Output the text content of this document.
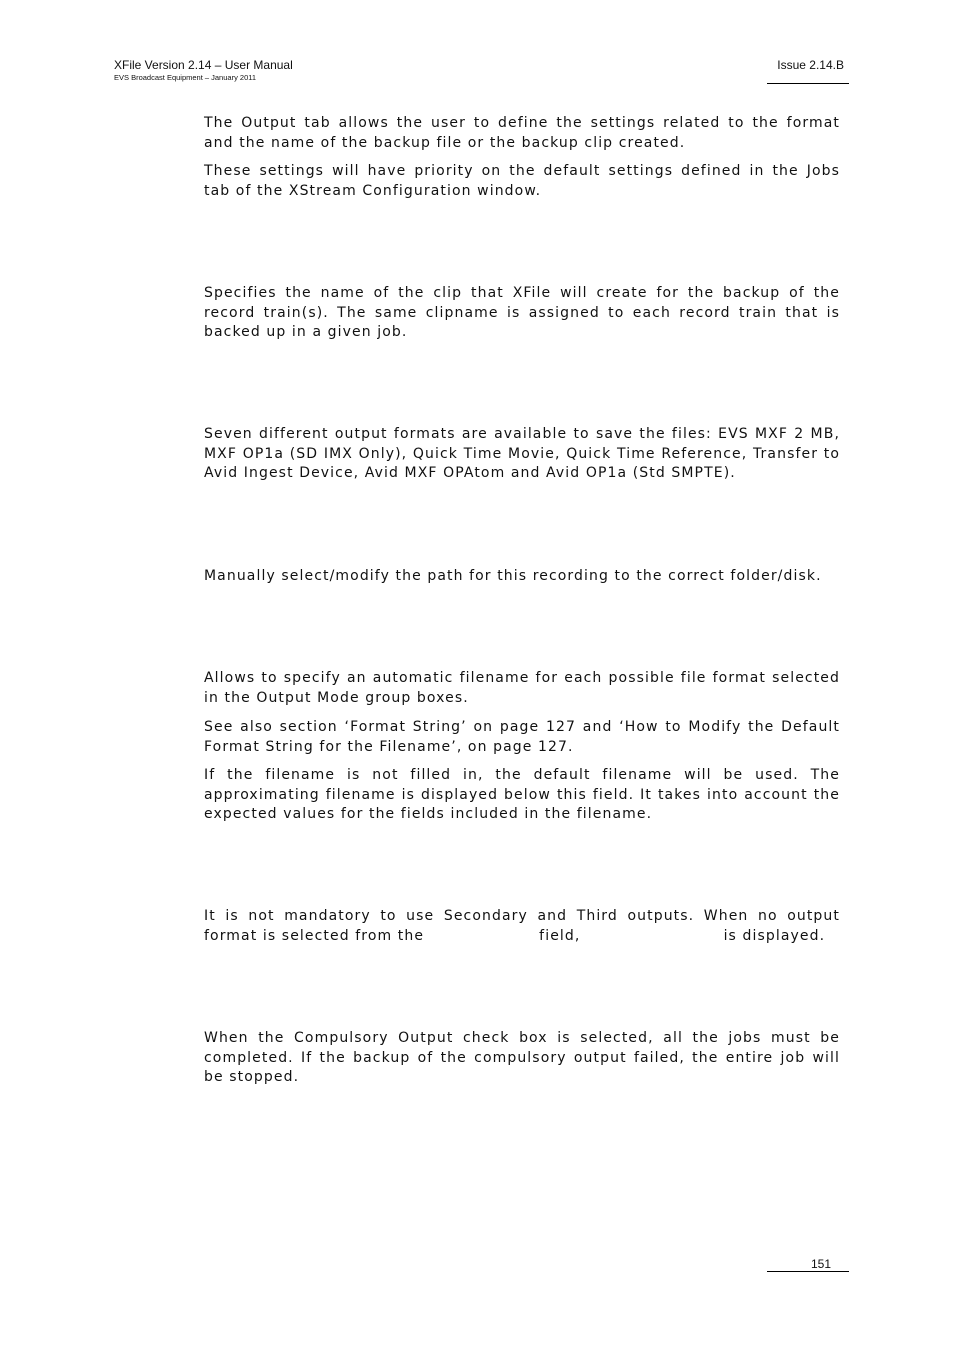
XFile Version 2.14 – User Manual
EVS Broadcast Equipment – January 2011
Issue 2.14.B

The Output tab allows the user to define the settings related to the format and the name of the backup file or the backup clip created.

These settings will have priority on the default settings defined in the Jobs tab of the XStream Configuration window.

Specifies the name of the clip that XFile will create for the backup of the record train(s). The same clipname is assigned to each record train that is backed up in a given job.

Seven different output formats are available to save the files: EVS MXF 2 MB, MXF OP1a (SD IMX Only), Quick Time Movie, Quick Time Reference, Transfer to Avid Ingest Device, Avid MXF OPAtom and Avid OP1a (Std SMPTE).

Manually select/modify the path for this recording to the correct folder/disk.

Allows to specify an automatic filename for each possible file format selected in the Output Mode group boxes.

See also section ‘Format String’ on page 127 and ‘How to Modify the Default Format String for the Filename’, on page 127.

If the filename is not filled in, the default filename will be used. The approximating filename is displayed below this field. It takes into account the expected values for the fields included in the filename.

It is not mandatory to use Secondary and Third outputs. When no output format is selected from the	field,	is displayed.

When the Compulsory Output check box is selected, all the jobs must be completed. If the backup of the compulsory output failed, the entire job will be stopped.

151
